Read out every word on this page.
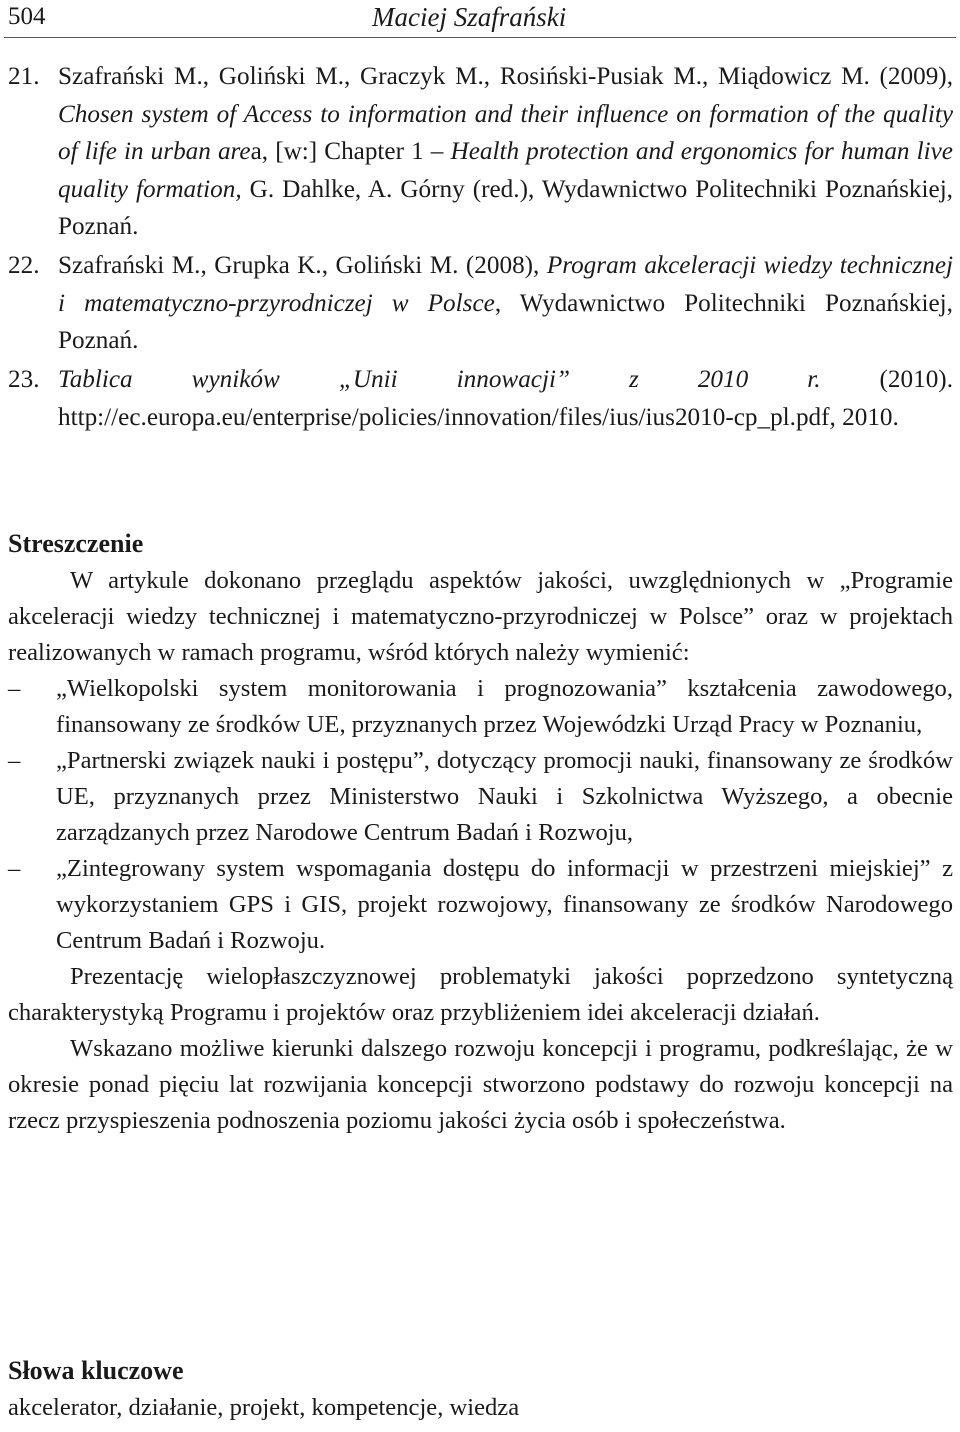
504	Maciej Szafrański

21. Szafrański M., Goliński M., Graczyk M., Rosiński-Pusiak M., Miądowicz M. (2009), Chosen system of Access to information and their influence on formation of the quality of life in urban area, [w:] Chapter 1 – Health protection and ergonomics for human live quality formation, G. Dahlke, A. Górny (red.), Wydawnictwo Politechniki Poznańskiej, Poznań.

22. Szafrański M., Grupka K., Goliński M. (2008), Program akceleracji wiedzy technicznej i matematyczno-przyrodniczej w Polsce, Wydawnictwo Politechniki Poznańskiej, Poznań.

23. Tablica wyników „Unii innowacji” z 2010 r. (2010). http://ec.europa.eu/enterprise/policies/innovation/files/ius/ius2010-cp_pl.pdf, 2010.

Streszczenie

W artykule dokonano przeglądu aspektów jakości, uwzględnionych w „Programie akceleracji wiedzy technicznej i matematyczno-przyrodniczej w Polsce” oraz w projektach realizowanych w ramach programu, wśród których należy wymienić:

– „Wielkopolski system monitorowania i prognozowania” kształcenia zawodowego, finansowany ze środków UE, przyznanych przez Wojewódzki Urząd Pracy w Poznaniu,
– „Partnerski związek nauki i postępu”, dotyczący promocji nauki, finansowany ze środków UE, przyznanych przez Ministerstwo Nauki i Szkolnictwa Wyższego, a obecnie zarządzanych przez Narodowe Centrum Badań i Rozwoju,
– „Zintegrowany system wspomagania dostępu do informacji w przestrzeni miejskiej” z wykorzystaniem GPS i GIS, projekt rozwojowy, finansowany ze środków Narodowego Centrum Badań i Rozwoju.

Prezentację wielopłaszczyznowej problematyki jakości poprzedzono syntetyczną charakterystyką Programu i projektów oraz przybliżeniem idei akceleracji działań.

Wskazano możliwe kierunki dalszego rozwoju koncepcji i programu, podkreślając, że w okresie ponad pięciu lat rozwijania koncepcji stworzono podstawy do rozwoju koncepcji na rzecz przyspieszenia podnoszenia poziomu jakości życia osób i społeczeństwa.

Słowa kluczowe
akcelerator, działanie, projekt, kompetencje, wiedza
